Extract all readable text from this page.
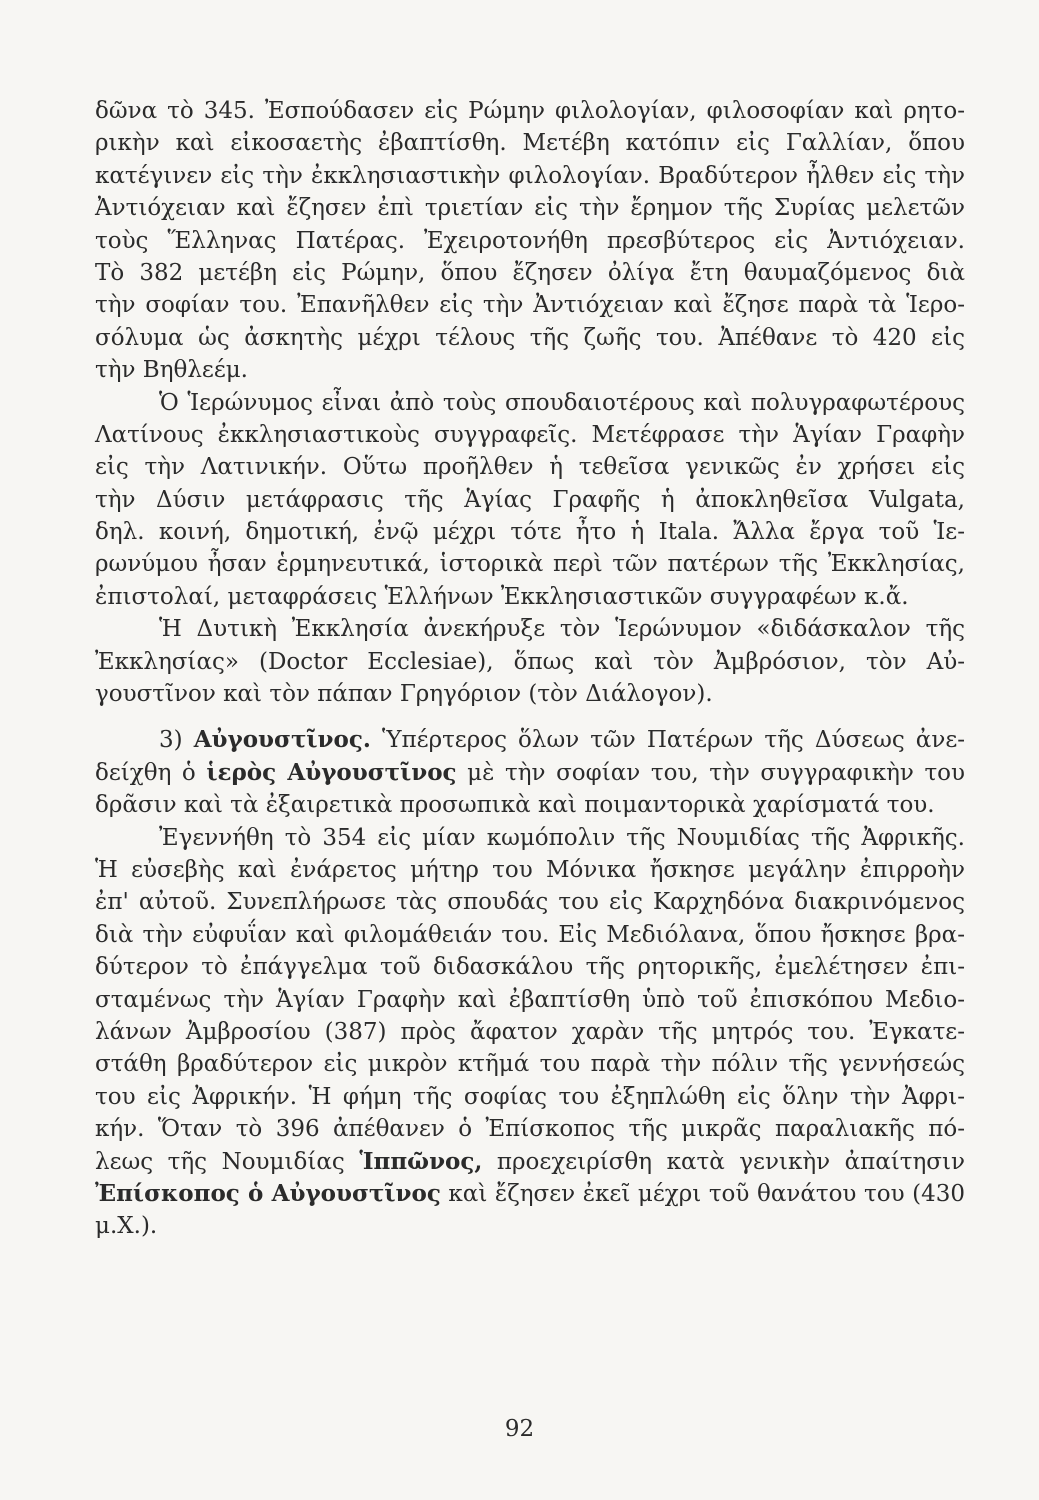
δῶνα τὸ 345. Ἐσπούδασεν εἰς Ρώμην φιλολογίαν, φιλοσοφίαν καὶ ρητο-
ρικὴν καὶ εἰκοσαετὴς ἐβαπτίσθη. Μετέβη κατόπιν εἰς Γαλλίαν, ὅπου
κατέγινεν εἰς τὴν ἐκκλησιαστικὴν φιλολογίαν. Βραδύτερον ἦλθεν εἰς τὴν
Ἀντιόχειαν καὶ ἔζησεν ἐπὶ τριετίαν εἰς τὴν ἔρημον τῆς Συρίας μελετῶν
τοὺς Ἕλληνας Πατέρας. Ἐχειροτονήθη πρεσβύτερος εἰς Ἀντιόχειαν.
Τὸ 382 μετέβη εἰς Ρώμην, ὅπου ἔζησεν ὀλίγα ἔτη θαυμαζόμενος διὰ
τὴν σοφίαν του. Ἐπανῆλθεν εἰς τὴν Ἀντιόχειαν καὶ ἔζησε παρὰ τὰ Ἱερο-
σόλυμα ὡς ἀσκητὴς μέχρι τέλους τῆς ζωῆς του. Ἀπέθανε τὸ 420 εἰς
τὴν Βηθλεέμ.
Ὁ Ἱερώνυμος εἶναι ἀπὸ τοὺς σπουδαιοτέρους καὶ πολυγραφωτέρους
Λατίνους ἐκκλησιαστικοὺς συγγραφεῖς. Μετέφρασε τὴν Ἁγίαν Γραφὴν
εἰς τὴν Λατινικήν. Οὕτω προῆλθεν ἡ τεθεῖσα γενικῶς ἐν χρήσει εἰς
τὴν Δύσιν μετάφρασις τῆς Ἁγίας Γραφῆς ἡ ἀποκληθεῖσα Vulgata,
δηλ. κοινή, δημοτική, ἐνῷ μέχρι τότε ἦτο ἡ Itala. Ἄλλα ἔργα τοῦ Ἱε-
ρωνύμου ἦσαν ἑρμηνευτικά, ἱστορικὰ περὶ τῶν πατέρων τῆς Ἐκκλησίας,
ἐπιστολαί, μεταφράσεις Ἑλλήνων Ἐκκλησιαστικῶν συγγραφέων κ.ἄ.
Ἡ Δυτικὴ Ἐκκλησία ἀνεκήρυξε τὸν Ἱερώνυμον «διδάσκαλον τῆς
Ἐκκλησίας» (Doctor Ecclesiae), ὅπως καὶ τὸν Ἀμβρόσιον, τὸν Αὐ-
γουστῖνον καὶ τὸν πάπαν Γρηγόριον (τὸν Διάλογον).
3) Αὐγουστῖνος. Ὑπέρτερος ὅλων τῶν Πατέρων τῆς Δύσεως ἀνε-
δείχθη ὁ ἱερὸς Αὐγουστῖνος μὲ τὴν σοφίαν του, τὴν συγγραφικὴν του
δρᾶσιν καὶ τὰ ἐξαιρετικὰ προσωπικὰ καὶ ποιμαντορικὰ χαρίσματά του.
Ἐγεννήθη τὸ 354 εἰς μίαν κωμόπολιν τῆς Νουμιδίας τῆς Ἀφρικῆς.
Ἡ εὐσεβὴς καὶ ἐνάρετος μήτηρ του Μόνικα ἤσκησε μεγάλην ἐπιρροὴν
ἐπ' αὐτοῦ. Συνεπλήρωσε τὰς σπουδάς του εἰς Καρχηδόνα διακρινόμενος
διὰ τὴν εὐφυΐαν καὶ φιλομάθειάν του. Εἰς Μεδιόλανα, ὅπου ἤσκησε βρα-
δύτερον τὸ ἐπάγγελμα τοῦ διδασκάλου τῆς ρητορικῆς, ἐμελέτησεν ἐπι-
σταμένως τὴν Ἁγίαν Γραφὴν καὶ ἐβαπτίσθη ὑπὸ τοῦ ἐπισκόπου Μεδιο-
λάνων Ἀμβροσίου (387) πρὸς ἄφατον χαρὰν τῆς μητρός του. Ἐγκατε-
στάθη βραδύτερον εἰς μικρὸν κτῆμά του παρὰ τὴν πόλιν τῆς γεννήσεώς
του εἰς Ἀφρικήν. Ἡ φήμη τῆς σοφίας του ἐξηπλώθη εἰς ὅλην τὴν Ἀφρι-
κήν. Ὅταν τὸ 396 ἀπέθανεν ὁ Ἐπίσκοπος τῆς μικρᾶς παραλιακῆς πό-
λεως τῆς Νουμιδίας Ἱππῶνος, προεχειρίσθη κατὰ γενικὴν ἀπαίτησιν
Ἐπίσκοπος ὁ Αὐγουστῖνος καὶ ἔζησεν ἐκεῖ μέχρι τοῦ θανάτου του (430
μ.Χ.).
92
